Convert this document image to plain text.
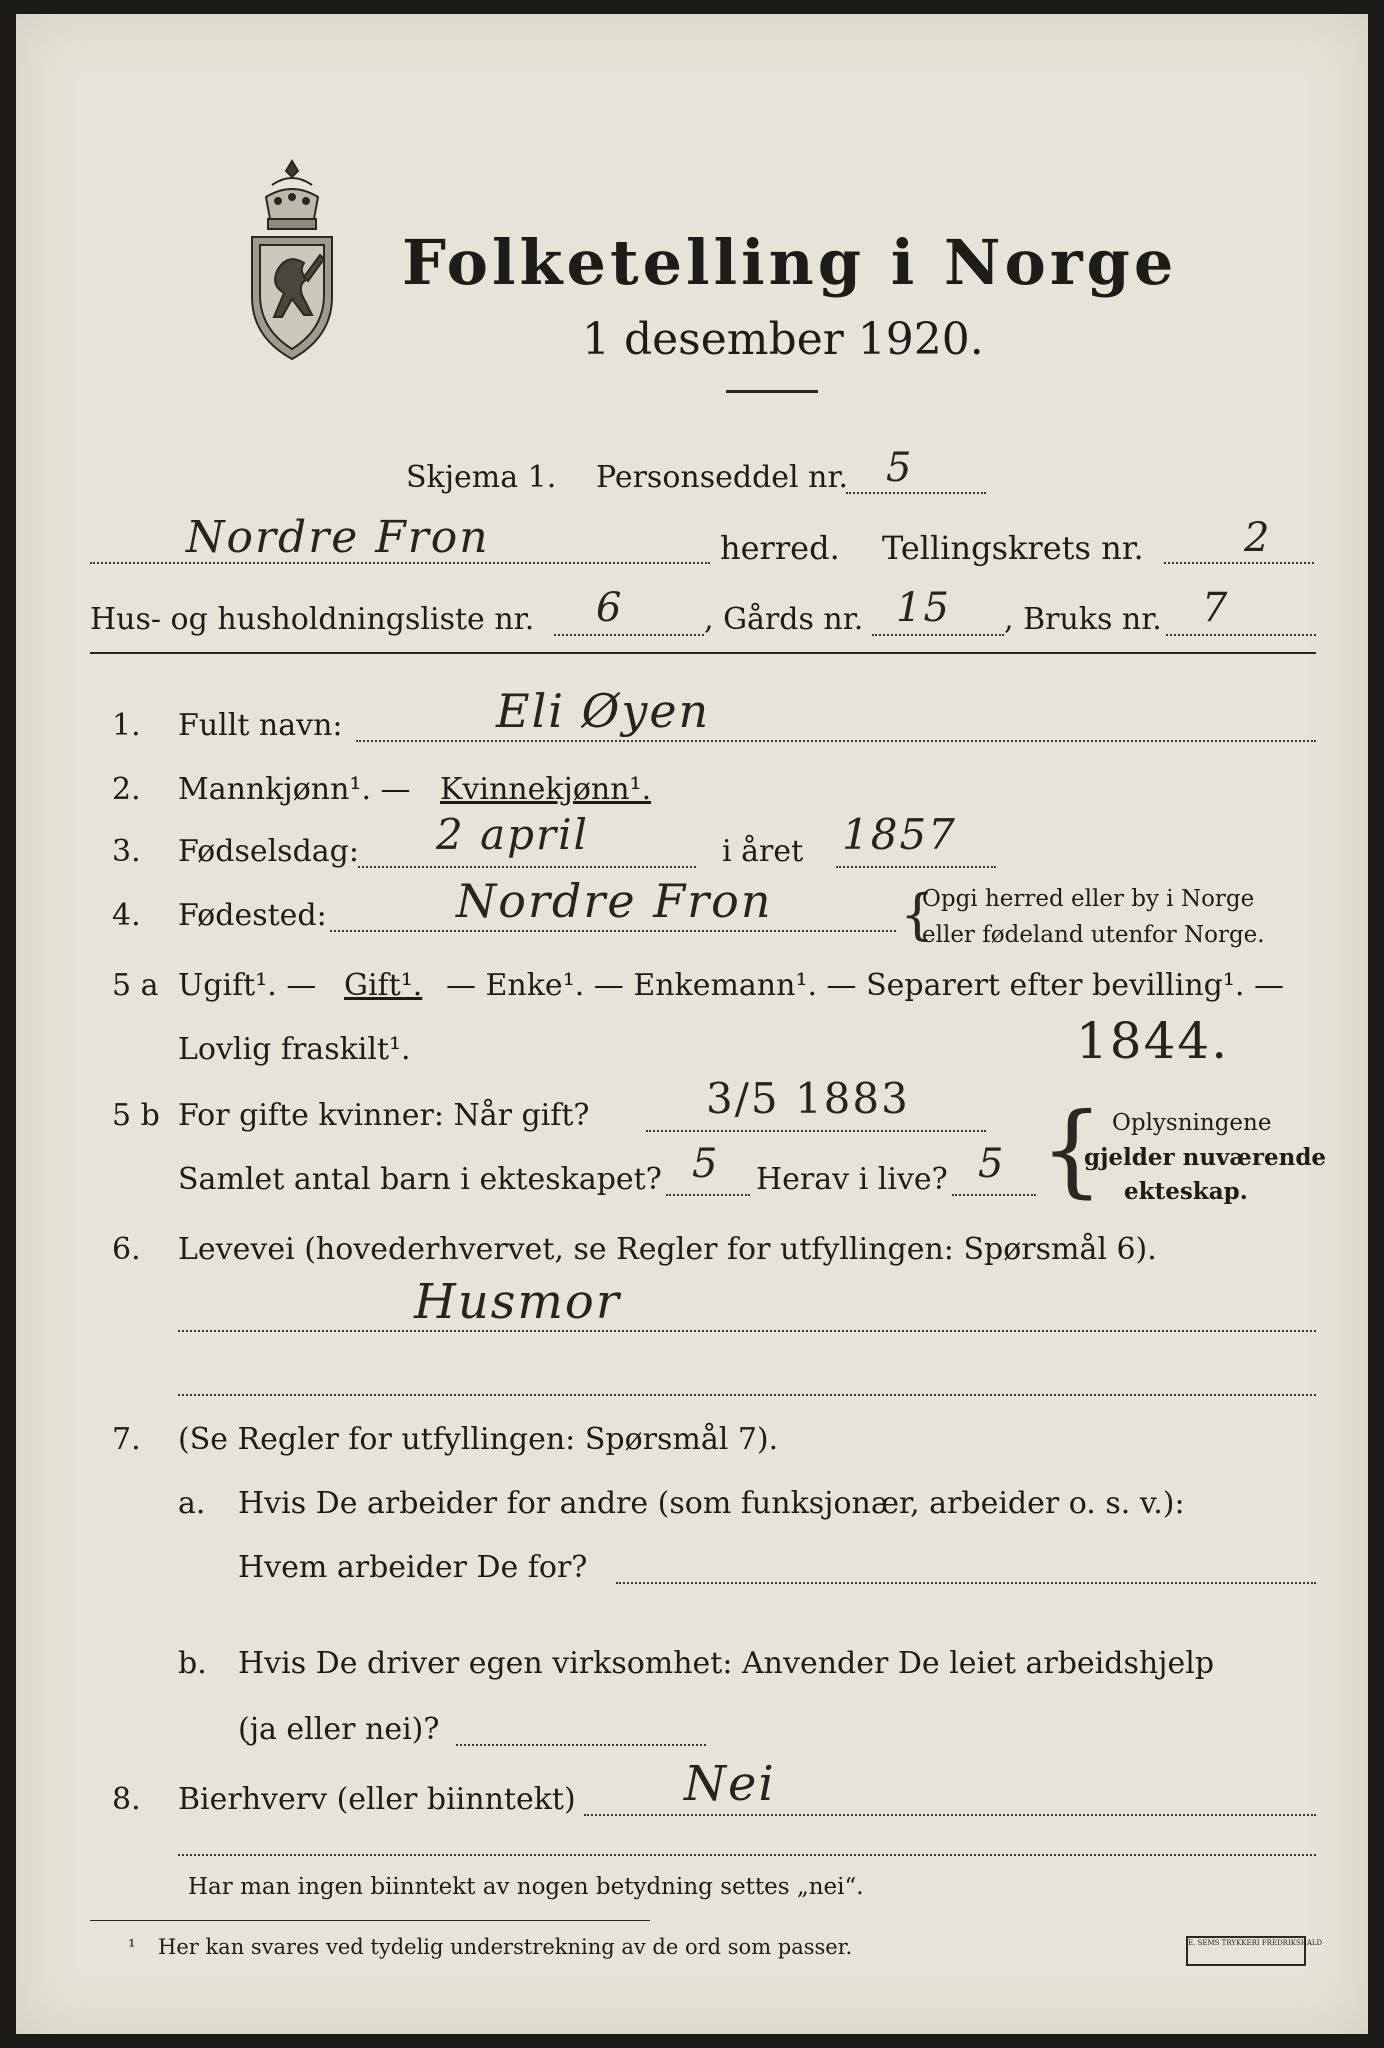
Folketelling i Norge
1 desember 1920.
Skjema 1. Personseddel nr. 5
Nordre Fron	herred. Tellingskrets nr.	2
Hus- og husholdningsliste nr. 6	, Gårds nr. 15 , Bruks nr. 7
1. Fullt navn:	Eli Øyen
2. Mannkjønn¹. — Kvinnekjønn¹.
3. Fødselsdag: 2 april	i året 1857
4. Fødested:	Nordre Fron {
Opgi herred eller by i Norge
eller fødeland utenfor Norge.
5 a Ugift¹. — Gift¹. — Enke¹. — Enkemann¹. — Separert efter bevilling¹. —
Lovlig fraskilt¹.	1844.
5 b For gifte kvinner: Når gift?	3/5 1883
Samlet antal barn i ekteskapet? 5 Herav i live? 5 { Oplysningene
gjelder nuværende
ekteskap.
6. Levevei (hovederhvervet, se Regler for utfyllingen: Spørsmål 6).
Husmor
7. (Se Regler for utfyllingen: Spørsmål 7).
a. Hvis De arbeider for andre (som funksjonær, arbeider o. s. v.):
Hvem arbeider De for?
b. Hvis De driver egen virksomhet: Anvender De leiet arbeidshjelp
(ja eller nei)?
8. Bierhverv (eller biinntekt) Nei
Har man ingen biinntekt av nogen betydning settes „nei“.
¹ Her kan svares ved tydelig understrekning av de ord som passer.	E. SEMS TRYKKERI FREDRIKSHALD
